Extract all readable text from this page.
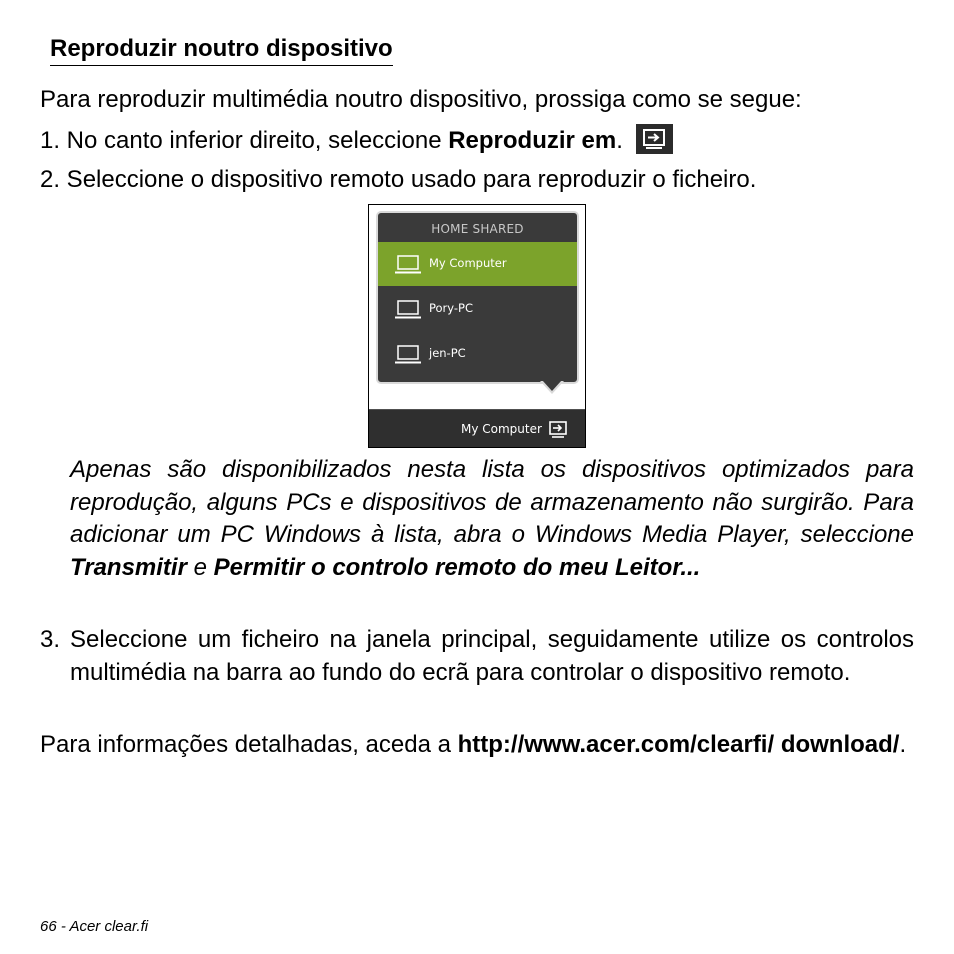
Reproduzir noutro dispositivo
Para reproduzir multimédia noutro dispositivo, prossiga como se segue:
1. No canto inferior direito, seleccione Reproduzir em.
2. Seleccione o dispositivo remoto usado para reproduzir o ficheiro.
HOME SHARED
My Computer
Pory-PC
jen-PC
My Computer
Apenas são disponibilizados nesta lista os dispositivos optimizados para reprodução, alguns PCs e dispositivos de armazenamento não surgirão. Para adicionar um PC Windows à lista, abra o Windows Media Player, seleccione Transmitir e Permitir o controlo remoto do meu Leitor...
3. Seleccione um ficheiro na janela principal, seguidamente utilize os controlos multimédia na barra ao fundo do ecrã para controlar o dispositivo remoto.
Para informações detalhadas, aceda a http://www.acer.com/clearfi/ download/.
66 - Acer clear.fi
